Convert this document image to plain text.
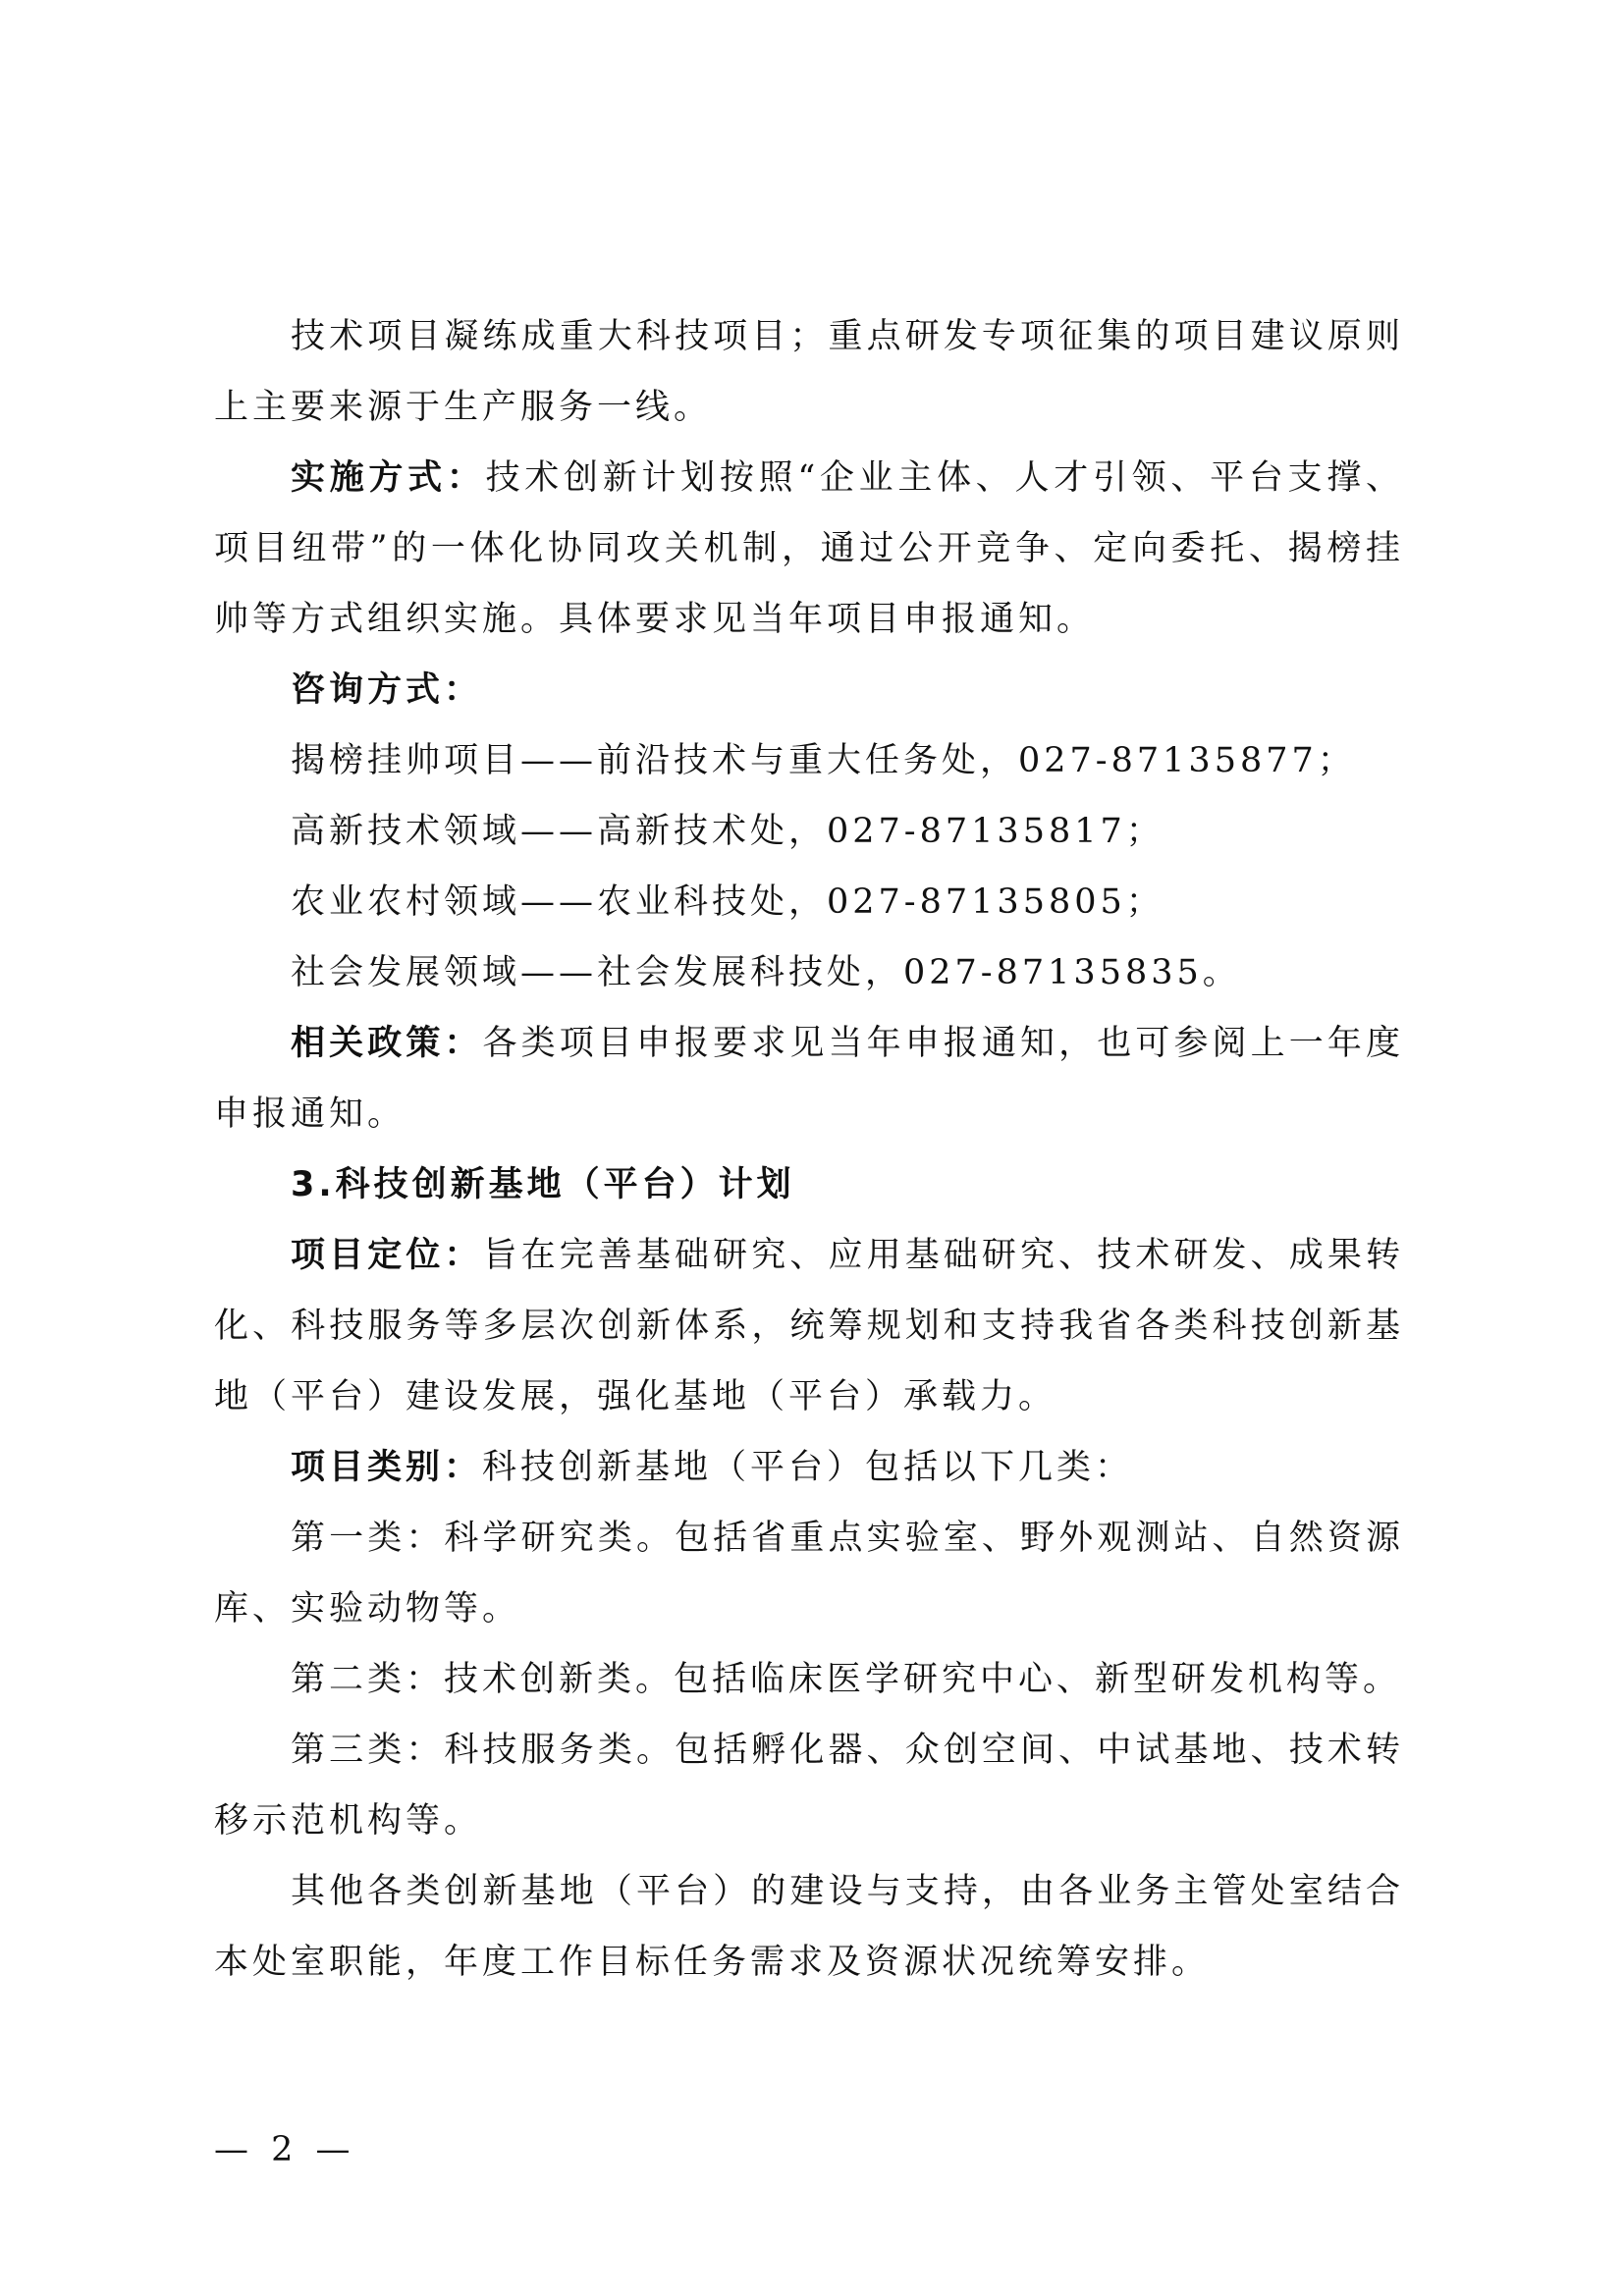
技术项目凝练成重大科技项目；重点研发专项征集的项目建议原则上主要来源于生产服务一线。

实施方式：技术创新计划按照“企业主体、人才引领、平台支撑、项目纽带”的一体化协同攻关机制，通过公开竞争、定向委托、揭榜挂帅等方式组织实施。具体要求见当年项目申报通知。

咨询方式：

揭榜挂帅项目——前沿技术与重大任务处，027-87135877；

高新技术领域——高新技术处，027-87135817；

农业农村领域——农业科技处，027-87135805；

社会发展领域——社会发展科技处，027-87135835。

相关政策：各类项目申报要求见当年申报通知，也可参阅上一年度申报通知。

3.科技创新基地（平台）计划

项目定位：旨在完善基础研究、应用基础研究、技术研发、成果转化、科技服务等多层次创新体系，统筹规划和支持我省各类科技创新基地（平台）建设发展，强化基地（平台）承载力。

项目类别：科技创新基地（平台）包括以下几类：

第一类：科学研究类。包括省重点实验室、野外观测站、自然资源库、实验动物等。

第二类：技术创新类。包括临床医学研究中心、新型研发机构等。

第三类：科技服务类。包括孵化器、众创空间、中试基地、技术转移示范机构等。

其他各类创新基地（平台）的建设与支持，由各业务主管处室结合本处室职能，年度工作目标任务需求及资源状况统筹安排。

— 2 —
